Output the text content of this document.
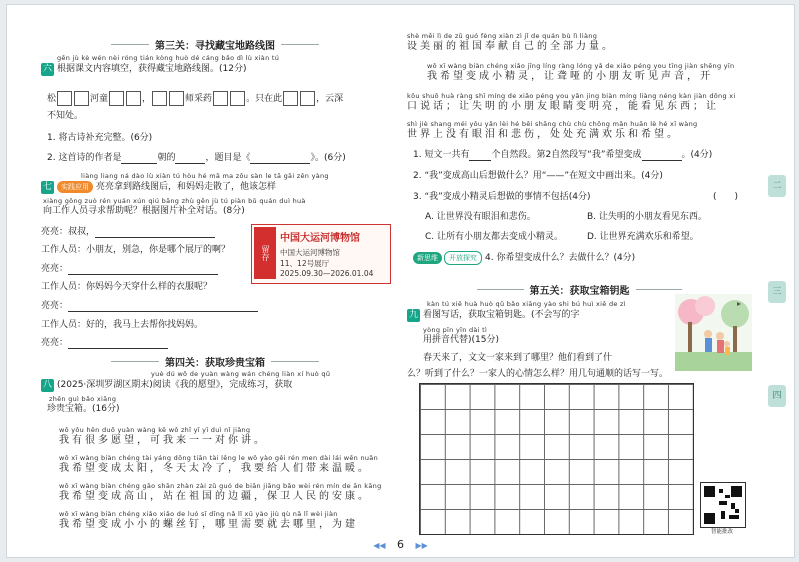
二
三
四
第三关：寻找藏宝地路线图
gēn jù kè wén nèi róng tián kòng huò dé cáng bǎo dì lù xiàn tú
六 根据课文内容填空，获得藏宝地路线图。(12分)
松	河童	，	师采药	。只在此	，云深
不知处。
1. 将古诗补充完整。(6分)
2. 这首诗的作者是	朝的	，题目是《	》。(6分)
liàng liang ná dào lù xiàn tú hòu hé mā ma zǒu sàn le tā gāi zěn yàng
七 实践应用 亮亮拿到路线图后，和妈妈走散了，他该怎样
xiàng gōng zuò rén yuán xún qiú bāng zhù gēn jù tú piàn bǔ quán duì huà
向工作人员寻求帮助呢？根据图片补全对话。(8分)
亮亮：叔叔，
工作人员：小朋友，别急，你是哪个展厅的啊？
亮亮：
工作人员：你妈妈今天穿什么样的衣服呢？
亮亮：
工作人员：好的，我马上去帮你找妈妈。
亮亮：
留存
中国大运河博物馆
中国大运河博物馆
11、12号展厅
2025.09.30—2026.01.04
第四关：获取珍贵宝箱
yuè dú wǒ de yuàn wàng wán chéng liàn xí huò qǔ
八 (2025·深圳罗湖区期末)阅读《我的愿望》，完成练习，获取
zhēn guì bǎo xiāng
珍贵宝箱。(16分)
wǒ yǒu hěn duō yuàn wàng kě wǒ zhǐ yī yī duì nǐ jiǎng
我有很多愿望，可我来一一对你讲。
wǒ xī wàng biàn chéng tài yáng dōng tiān tài lěng le wǒ yào gěi rén men dài lái wēn nuǎn
我希望变成太阳，冬天太冷了，我要给人们带来温暖。
wǒ xī wàng biàn chéng gāo shān zhàn zài zǔ guó de biān jiāng bǎo wèi rén mín de ān kāng
我希望变成高山，站在祖国的边疆，保卫人民的安康。
wǒ xī wàng biàn chéng xiǎo xiǎo de luó sī dīng nǎ lǐ xū yào jiù qù nǎ lǐ wèi jiàn
我希望变成小小的螺丝钉，哪里需要就去哪里，为建
shè měi lì de zǔ guó fèng xiàn zì jǐ de quán bù lì liàng
设美丽的祖国奉献自己的全部力量。
wǒ xī wàng biàn chéng xiǎo jīng líng ràng lóng yǎ de xiǎo péng you tīng jiàn shēng yīn
我希望变成小精灵，让聋哑的小朋友听见声音，开
kǒu shuō huà ràng shī míng de xiǎo péng you yǎn jing biàn míng liàng néng kàn jiàn dōng xi
口说话；让失明的小朋友眼睛变明亮，能看见东西；让
shì jiè shang méi yǒu yǎn lèi hé bēi shāng chù chù chōng mǎn huān lè hé xī wàng
世界上没有眼泪和悲伤，处处充满欢乐和希望。
1. 短文一共有 个自然段。第2自然段写“我”希望变成	。(4分)
2. “我”变成高山后想做什么？用“——”在短文中画出来。(4分)
3. “我”变成小精灵后想做的事情不包括(4分)	(　　)
A. 让世界没有眼泪和悲伤。	B. 让失明的小朋友看见东西。
C. 让所有小朋友都去变成小精灵。	D. 让世界充满欢乐和希望。
新思维 开放探究 4. 你希望变成什么？去做什么？(4分)
第五关：获取宝箱钥匙
kàn tú xiě huà huò qǔ bǎo xiāng yào shi bú huì xiě de zì
九 看图写话，获取宝箱钥匙。(不会写的字
yòng pīn yīn dài tì
用拼音代替)(15分)
春天来了，文文一家来到了哪里？他们看到了什
么？听到了什么？一家人的心情怎么样？用几句通顺的话写一写。
智能批改
◀◀ 6 ▶▶
